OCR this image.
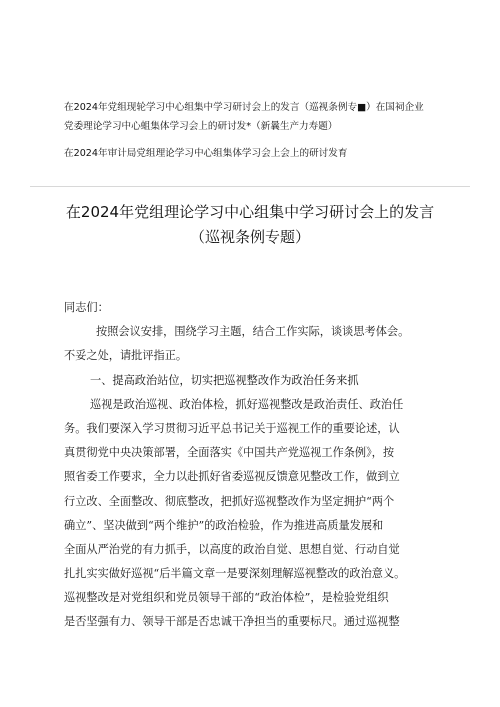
在2024年党组现轮学习中心组集中学习研讨会上的发言（巡视条例专■）在国祠企业
党委理论学习中心蛆集体学习会上的研讨发*（新曩生产力寿题）
在2024年审计局党组理论学习中心组集体学习会上会上的研讨发育
在2024年党组理论学习中心组集中学习研讨会上的发言
（巡视条例专题）
同志们：
按照会议安排，围绕学习主题，结合工作实际，谈谈思考体会。
不妥之处，请批评指正。
一、提高政治站位，切实把巡视整改作为政治任务来抓
巡视是政治巡视、政治体检，抓好巡视整改是政治责任、政治任
务。我们要深入学习贯彻习近平总书记关于巡视工作的重要论述，认
真贯彻党中央决策部署，全面落实《中国共产党巡视工作条例》，按
照省委工作要求，全力以赴抓好省委巡视反馈意见整改工作，做到立
行立改、全面整改、彻底整改，把抓好巡视整改作为坚定拥护“两个
确立”、坚决做到“两个维护”的政治检验，作为推进高质量发展和
全面从严治党的有力抓手，以高度的政治自觉、思想自觉、行动自觉
扎扎实实做好巡视“后半篇文章一是要深刻理解巡视整改的政治意义。
巡视整改是对党组织和党员领导干部的“政治体检”，是检验党组织
是否坚强有力、领导干部是否忠诚干净担当的重要标尺。通过巡视整
